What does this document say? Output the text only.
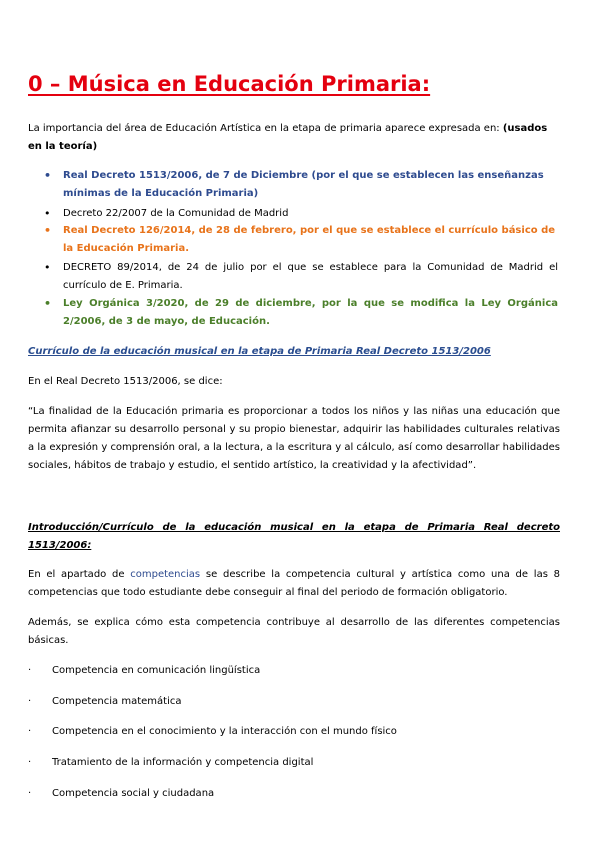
0 – Música en Educación Primaria:
La importancia del área de Educación Artística en la etapa de primaria aparece expresada en: (usados en la teoría)
• Real Decreto 1513/2006, de 7 de Diciembre (por el que se establecen las enseñanzas mínimas de la Educación Primaria)
• Decreto 22/2007 de la Comunidad de Madrid
• Real Decreto 126/2014, de 28 de febrero, por el que se establece el currículo básico de la Educación Primaria.
• DECRETO 89/2014, de 24 de julio por el que se establece para la Comunidad de Madrid el currículo de E. Primaria.
• Ley Orgánica 3/2020, de 29 de diciembre, por la que se modifica la Ley Orgánica 2/2006, de 3 de mayo, de Educación.
Currículo de la educación musical en la etapa de Primaria Real Decreto 1513/2006
En el Real Decreto 1513/2006, se dice:
“La finalidad de la Educación primaria es proporcionar a todos los niños y las niñas una educación que permita afianzar su desarrollo personal y su propio bienestar, adquirir las habilidades culturales relativas a la expresión y comprensión oral, a la lectura, a la escritura y al cálculo, así como desarrollar habilidades sociales, hábitos de trabajo y estudio, el sentido artístico, la creatividad y la afectividad”.
Introducción/Currículo de la educación musical en la etapa de Primaria Real decreto 1513/2006:
En el apartado de competencias se describe la competencia cultural y artística como una de las 8 competencias que todo estudiante debe conseguir al final del periodo de formación obligatorio.
Además, se explica cómo esta competencia contribuye al desarrollo de las diferentes competencias básicas.
· Competencia en comunicación lingüística
· Competencia matemática
· Competencia en el conocimiento y la interacción con el mundo físico
· Tratamiento de la información y competencia digital
· Competencia social y ciudadana
